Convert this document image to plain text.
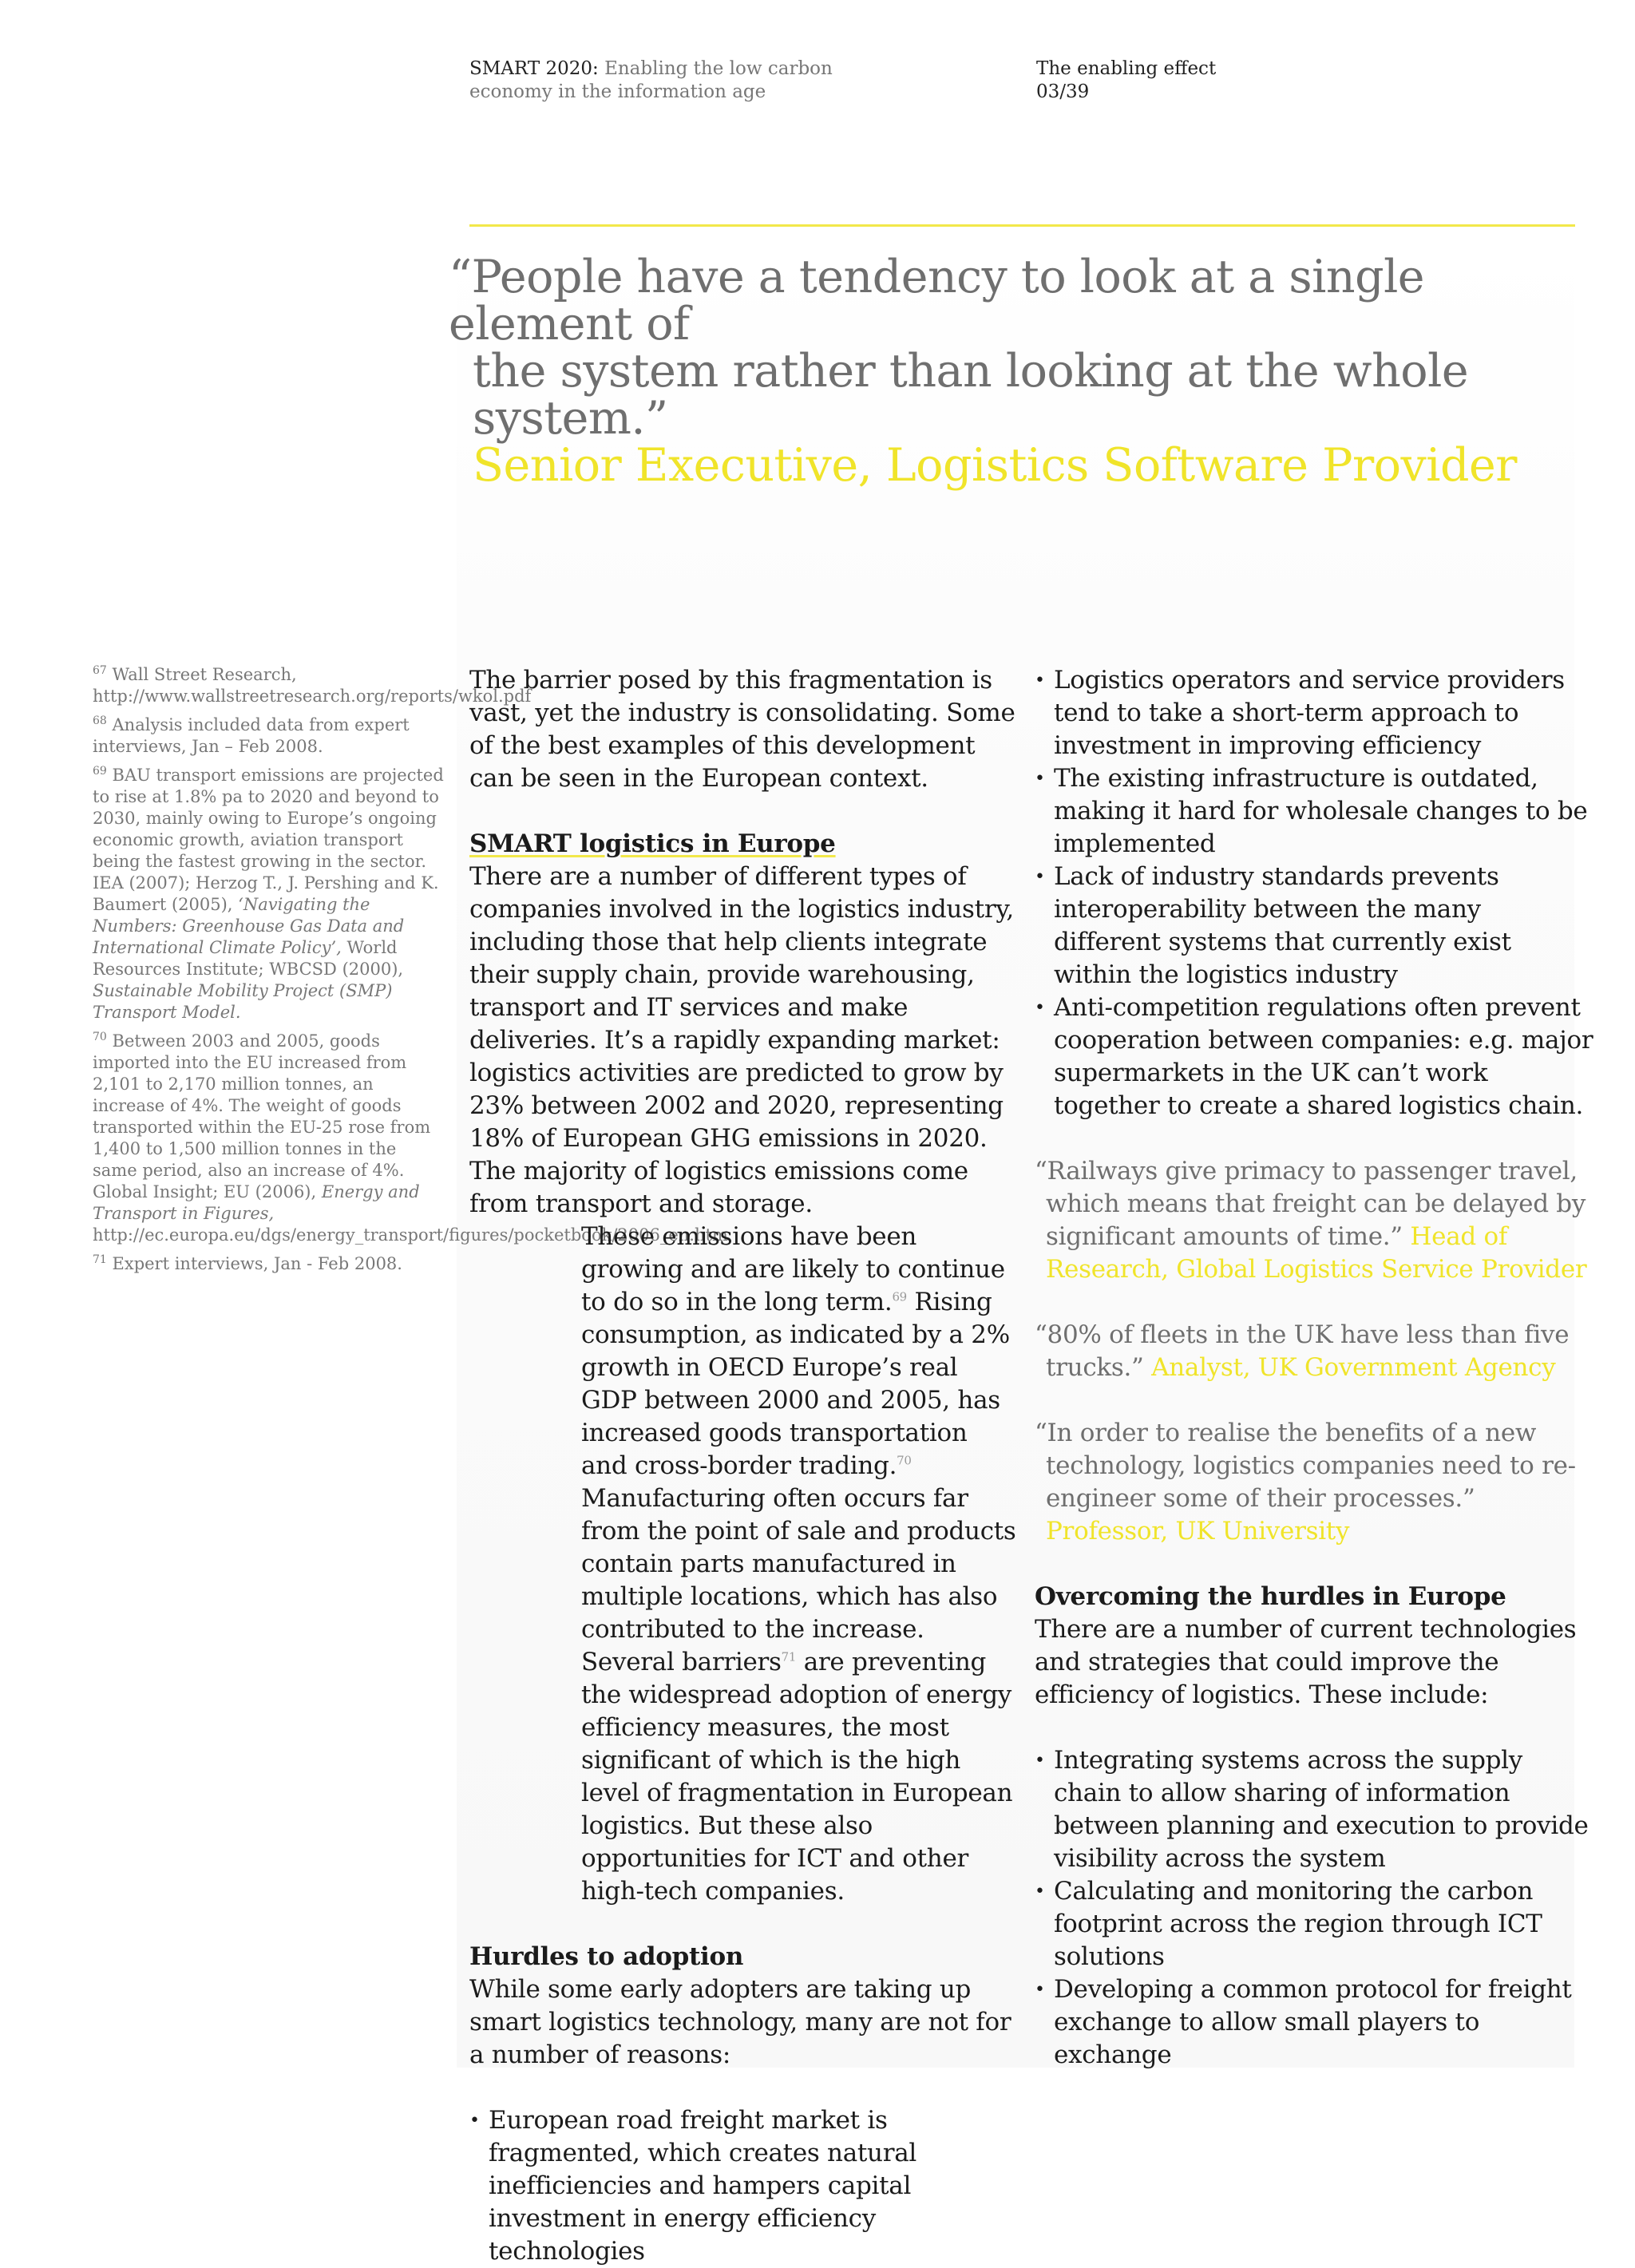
SMART 2020: Enabling the low carbon
economy in the information age
The enabling effect
03/39
“People have a tendency to look at a single element of
the system rather than looking at the whole system.”
Senior Executive, Logistics Software Provider

$^{67}$ Wall Street Research, http://www.wallstreetresearch.org/reports/wkol.pdf

$^{68}$ Analysis included data from expert interviews, Jan – Feb 2008.

$^{69}$ BAU transport emissions are projected to rise at 1.8% pa to 2020 and beyond to 2030, mainly owing to Europe’s ongoing economic growth, aviation transport being the fastest growing in the sector. IEA (2007); Herzog T., J. Pershing and K. Baumert (2005), ‘Navigating the Numbers: Greenhouse Gas Data and International Climate Policy’, World Resources Institute; WBCSD (2000), Sustainable Mobility Project (SMP) Transport Model.

$^{70}$ Between 2003 and 2005, goods imported into the EU increased from 2,101 to 2,170 million tonnes, an increase of 4%. The weight of goods transported within the EU-25 rose from 1,400 to 1,500 million tonnes in the same period, also an increase of 4%. Global Insight; EU (2006), Energy and Transport in Figures, http://ec.europa.eu/dgs/energy_transport/figures/pocketbook/2006_en.htm

$^{71}$ Expert interviews, Jan - Feb 2008.

The barrier posed by this fragmentation is vast, yet the industry is consolidating. Some of the best examples of this development can be seen in the European context.

SMART logistics in Europe

There are a number of different types of companies involved in the logistics industry, including those that help clients integrate their supply chain, provide warehousing, transport and IT services and make deliveries. It’s a rapidly expanding market: logistics activities are predicted to grow by 23% between 2002 and 2020, representing 18% of European GHG emissions in 2020. The majority of logistics emissions come from transport and storage.

These emissions have been growing and are likely to continue to do so in the long term.$^{69}$ Rising consumption, as indicated by a 2% growth in OECD Europe’s real GDP between 2000 and 2005, has increased goods transportation and cross-border trading.$^{70}$ Manufacturing often occurs far from the point of sale and products contain parts manufactured in multiple locations, which has also contributed to the increase.

Several barriers$^{71}$ are preventing the widespread adoption of energy efficiency measures, the most significant of which is the high level of fragmentation in European logistics. But these also opportunities for ICT and other high-tech companies.

Hurdles to adoption

While some early adopters are taking up smart logistics technology, many are not for a number of reasons:

• European road freight market is fragmented, which creates natural inefficiencies and hampers capital investment in energy efficiency technologies
• Logistics operators and service providers tend to take a short-term approach to investment in improving efficiency
• The existing infrastructure is outdated, making it hard for wholesale changes to be implemented
• Lack of industry standards prevents interoperability between the many different systems that currently exist within the logistics industry
• Anti-competition regulations often prevent cooperation between companies: e.g. major supermarkets in the UK can’t work together to create a shared logistics chain.

“Railways give primacy to passenger travel, which means that freight can be delayed by significant amounts of time.” Head of Research, Global Logistics Service Provider

“80% of fleets in the UK have less than five trucks.” Analyst, UK Government Agency

“In order to realise the benefits of a new technology, logistics companies need to re-engineer some of their processes.” Professor, UK University

Overcoming the hurdles in Europe

There are a number of current technologies and strategies that could improve the efficiency of logistics. These include:

• Integrating systems across the supply chain to allow sharing of information between planning and execution to provide visibility across the system
• Calculating and monitoring the carbon footprint across the region through ICT solutions
• Developing a common protocol for freight exchange to allow small players to exchange
